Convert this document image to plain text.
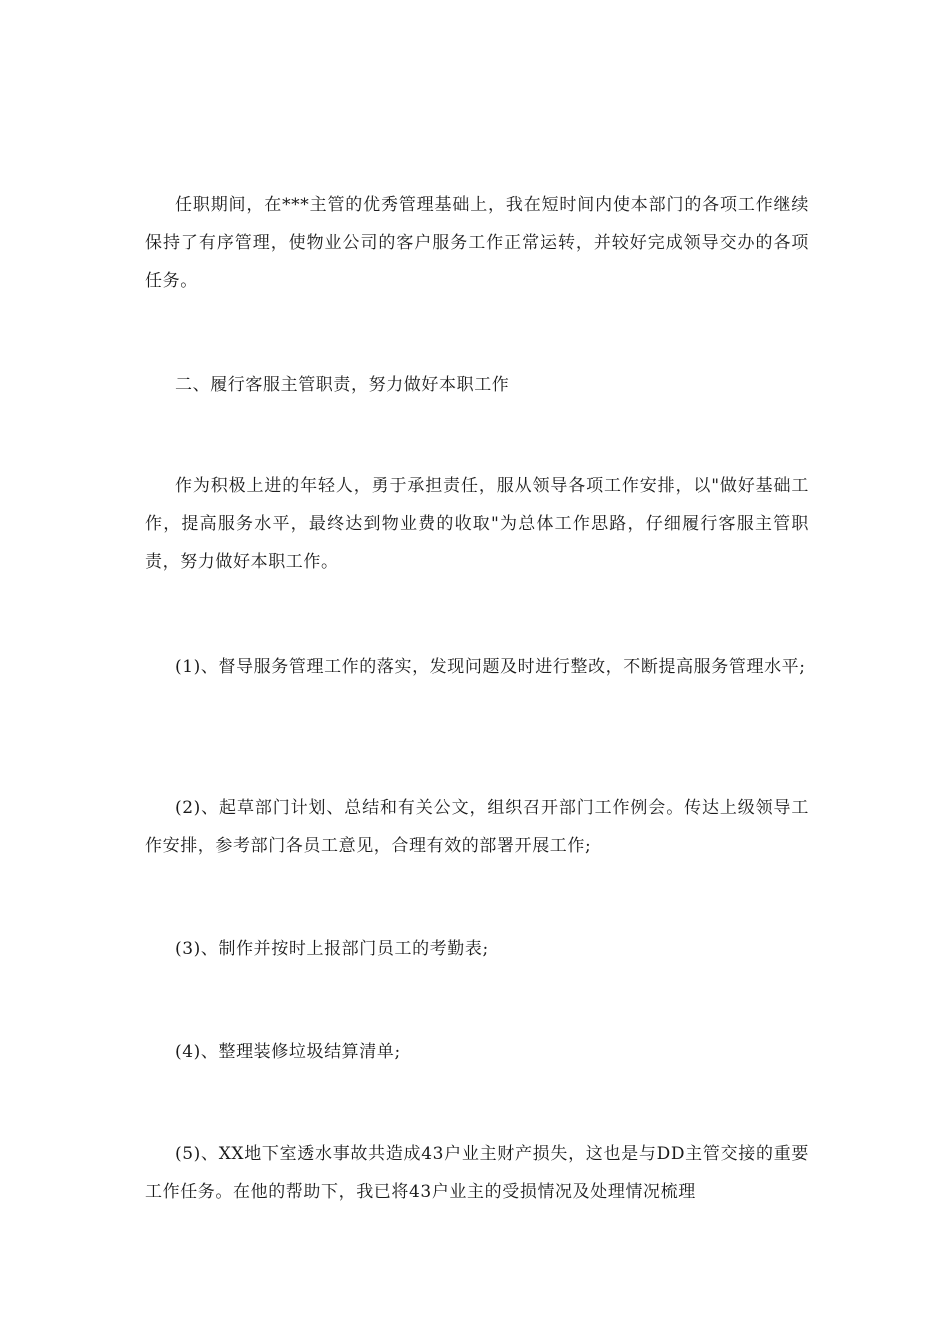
任职期间，在***主管的优秀管理基础上，我在短时间内使本部门的各项工作继续保持了有序管理，使物业公司的客户服务工作正常运转，并较好完成领导交办的各项任务。

二、履行客服主管职责，努力做好本职工作

作为积极上进的年轻人，勇于承担责任，服从领导各项工作安排，以"做好基础工作，提高服务水平，最终达到物业费的收取"为总体工作思路，仔细履行客服主管职责，努力做好本职工作。

(1)、督导服务管理工作的落实，发现问题及时进行整改，不断提高服务管理水平;

(2)、起草部门计划、总结和有关公文，组织召开部门工作例会。传达上级领导工作安排，参考部门各员工意见，合理有效的部署开展工作;

(3)、制作并按时上报部门员工的考勤表;

(4)、整理装修垃圾结算清单;

(5)、XX地下室透水事故共造成43户业主财产损失，这也是与DD主管交接的重要工作任务。在他的帮助下，我已将43户业主的受损情况及处理情况梳理
